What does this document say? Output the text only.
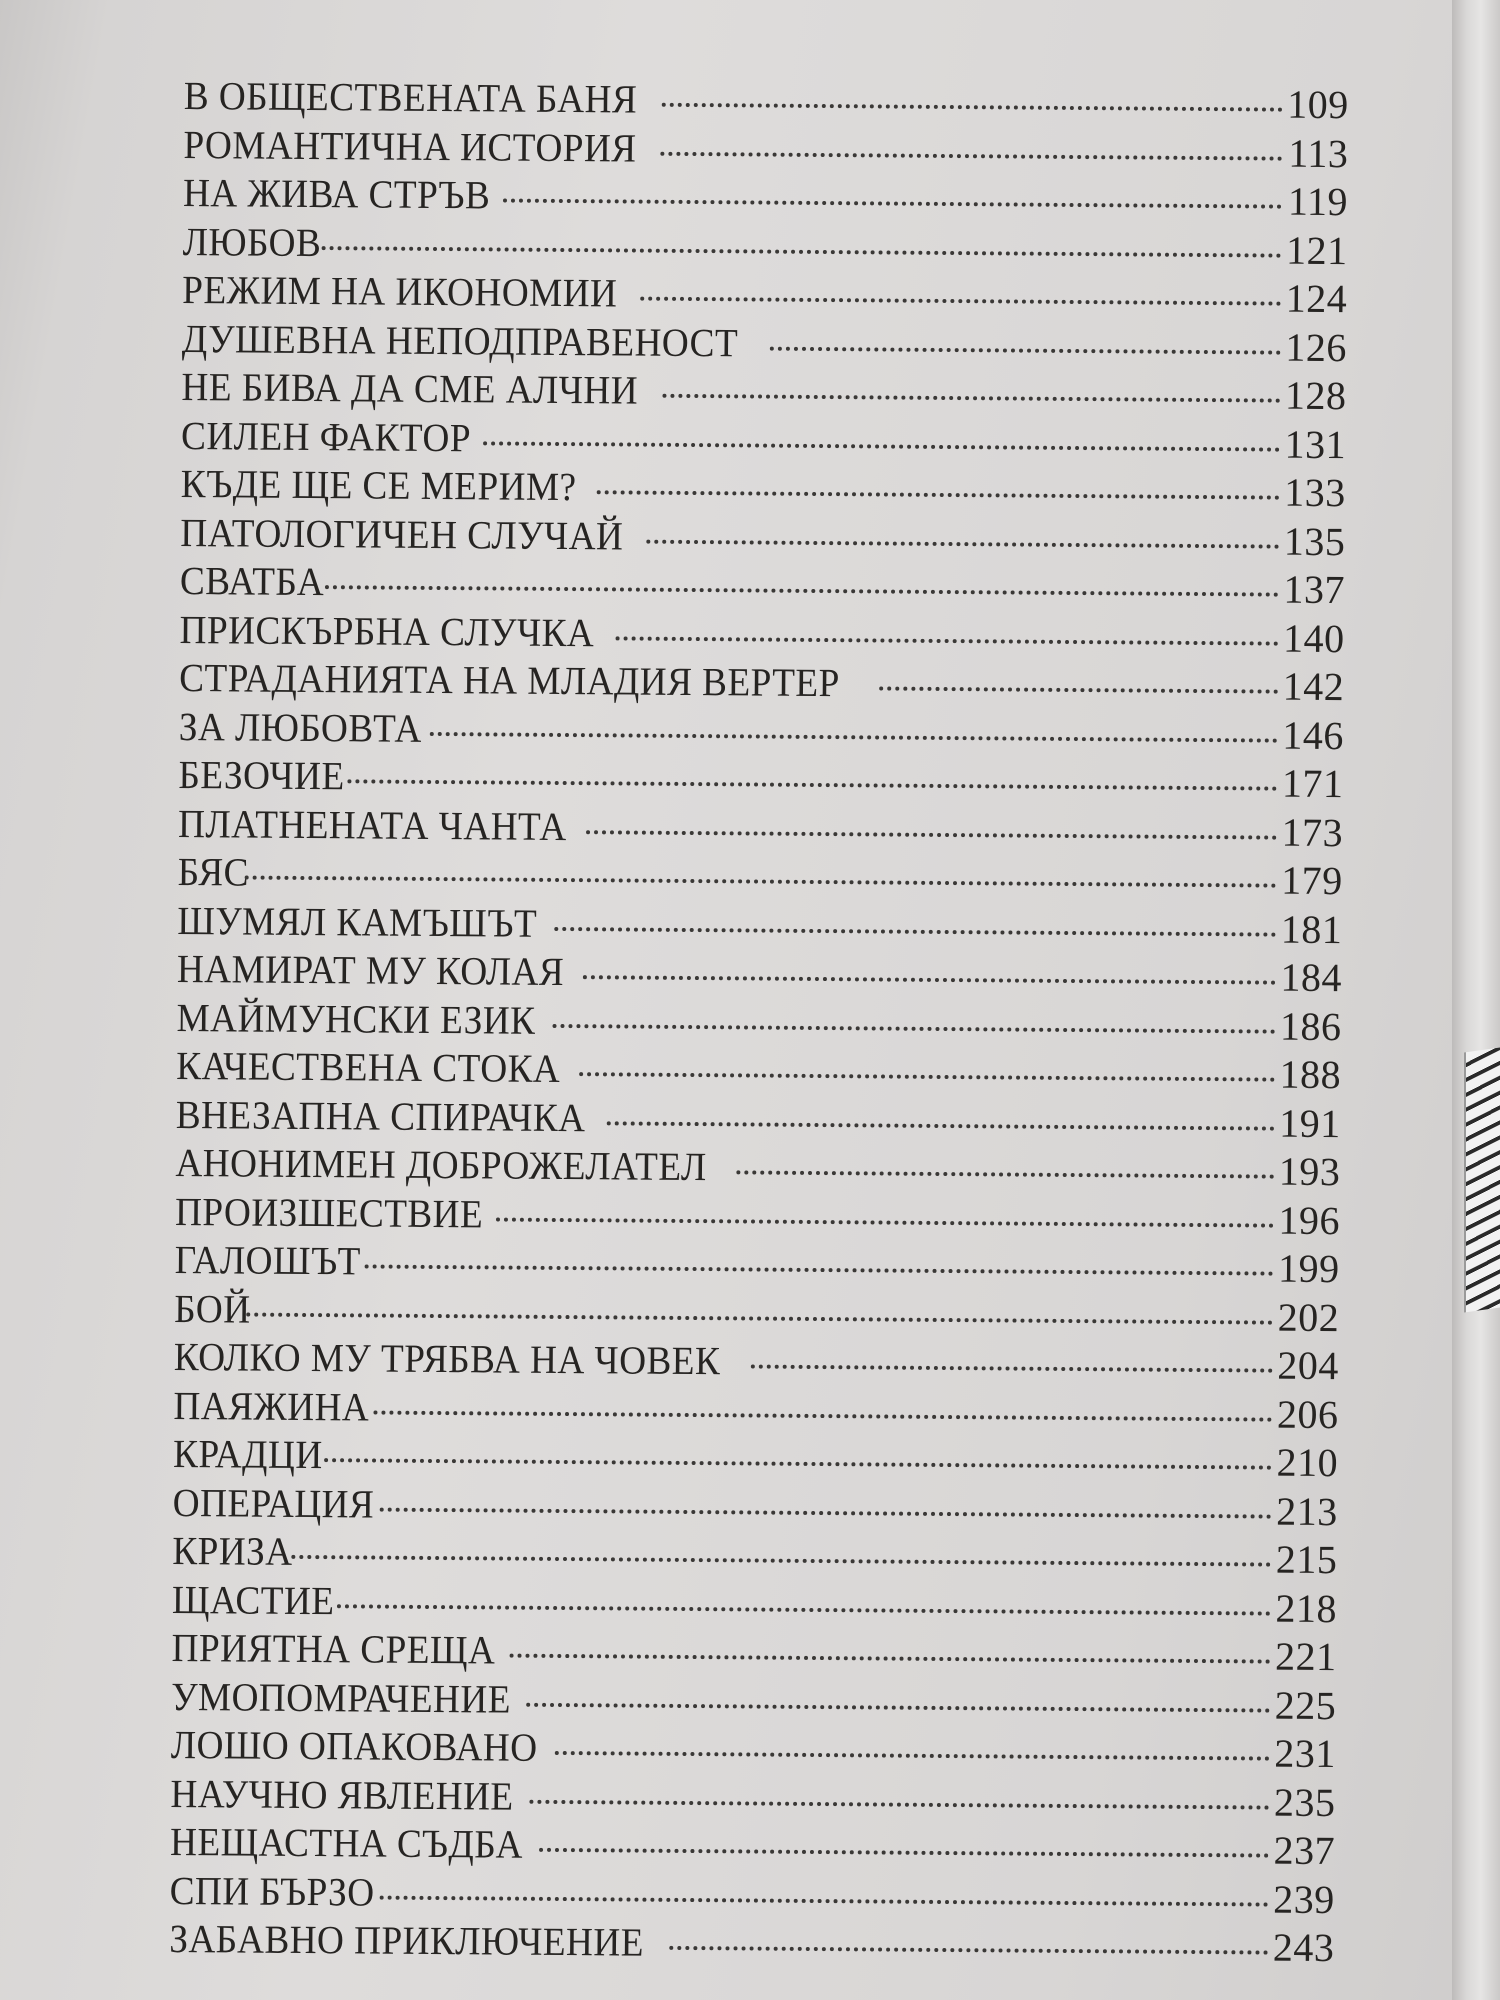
В ОБЩЕСТВЕНАТА БАНЯ	109
РОМАНТИЧНА ИСТОРИЯ	113
НА ЖИВА СТРЪВ	119
ЛЮБОВ	121
РЕЖИМ НА ИКОНОМИИ	124
ДУШЕВНА НЕПОДПРАВЕНОСТ	126
НЕ БИВА ДА СМЕ АЛЧНИ	128
СИЛЕН ФАКТОР	131
КЪДЕ ЩЕ СЕ МЕРИМ?	133
ПАТОЛОГИЧЕН СЛУЧАЙ	135
СВАТБА	137
ПРИСКЪРБНА СЛУЧКА	140
СТРАДАНИЯТА НА МЛАДИЯ ВЕРТЕР	142
ЗА ЛЮБОВТА	146
БЕЗОЧИЕ	171
ПЛАТНЕНАТА ЧАНТА	173
БЯС	179
ШУМЯЛ КАМЪШЪТ	181
НАМИРАТ МУ КОЛАЯ	184
МАЙМУНСКИ ЕЗИК	186
КАЧЕСТВЕНА СТОКА	188
ВНЕЗАПНА СПИРАЧКА	191
АНОНИМЕН ДОБРОЖЕЛАТЕЛ	193
ПРОИЗШЕСТВИЕ	196
ГАЛОШЪТ	199
БОЙ	202
КОЛКО МУ ТРЯБВА НА ЧОВЕК	204
ПАЯЖИНА	206
КРАДЦИ	210
ОПЕРАЦИЯ	213
КРИЗА	215
ЩАСТИЕ	218
ПРИЯТНА СРЕЩА	221
УМОПОМРАЧЕНИЕ	225
ЛОШО ОПАКОВАНО	231
НАУЧНО ЯВЛЕНИЕ	235
НЕЩАСТНА СЪДБА	237
СПИ БЪРЗО	239
ЗАБАВНО ПРИКЛЮЧЕНИЕ	243
